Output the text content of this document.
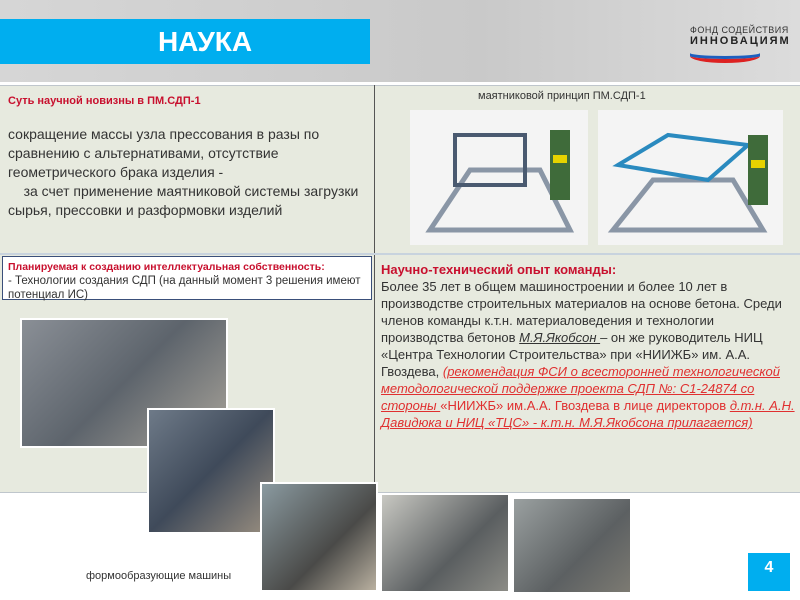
НАУКА	ФОНД СОДЕЙСТВИЯ
ИННОВАЦИЯМ
Суть научной новизны в ПМ.СДП-1
сокращение массы узла прессования в разы по сравнению с альтернативами, отсутствие геометрического брака изделия -
за счет применение маятниковой системы загрузки сырья, прессовки и разформовки изделий
маятниковой принцип ПМ.СДП-1
Планируемая к созданию интеллектуальная собственность:
- Технологии создания СДП (на данный момент 3 решения имеют потенциал ИС)
Научно-технический опыт команды:
Более 35 лет в общем машиностроении и более 10 лет в производстве строительных материалов на основе бетона. Среди членов команды к.т.н. материаловедения и технологии производства бетонов М.Я.Якобсон – он же руководитель НИЦ «Центра Технологии Строительства» при «НИИЖБ» им. А.А. Гвоздева, (рекомендация ФСИ о всесторонней технологической методологической поддержке проекта СДП №: С1-24874 со стороны «НИИЖБ» им.А.А. Гвоздева в лице директоров д.т.н. А.Н. Давидюка и НИЦ «ТЦС» - к.т.н. М.Я.Якобсона прилагается)
формообразующие машины	4
